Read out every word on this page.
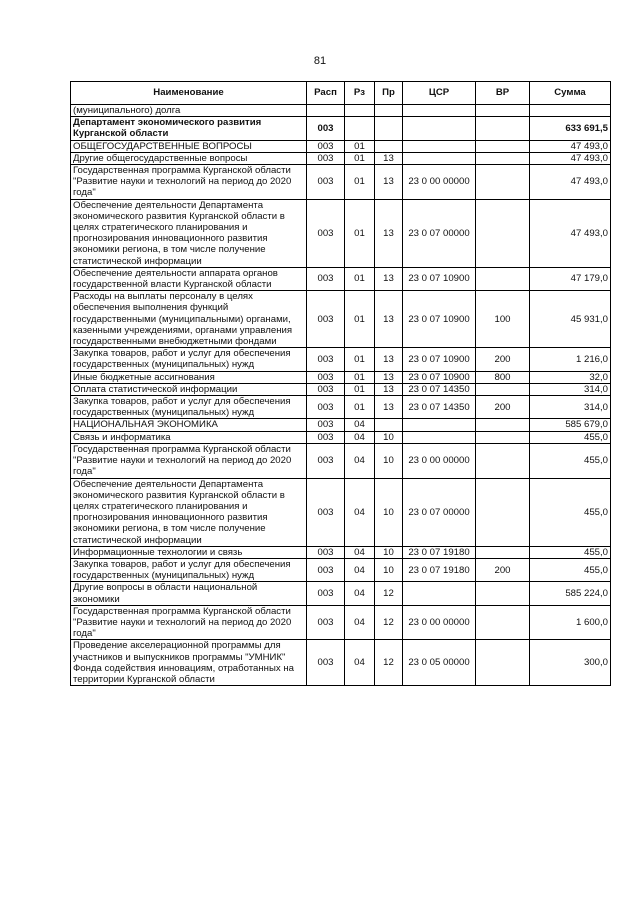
81
Наименование	Расп	Рз	Пр	ЦСР	ВР	Сумма
(муниципального) долга						
Департамент экономического развития Курганской области	003					633 691,5
ОБЩЕГОСУДАРСТВЕННЫЕ ВОПРОСЫ	003	01				47 493,0
Другие общегосударственные вопросы	003	01	13			47 493,0
Государственная программа Курганской области "Развитие науки и технологий на период до 2020 года"	003	01	13	23 0 00 00000		47 493,0
Обеспечение деятельности Департамента экономического развития Курганской области в целях стратегического планирования и прогнозирования инновационного развития экономики региона, в том числе получение статистической информации	003	01	13	23 0 07 00000		47 493,0
Обеспечение деятельности аппарата органов государственной власти Курганской области	003	01	13	23 0 07 10900		47 179,0
Расходы на выплаты персоналу в целях обеспечения выполнения функций государственными (муниципальными) органами, казенными учреждениями, органами управления государственными внебюджетными фондами	003	01	13	23 0 07 10900	100	45 931,0
Закупка товаров, работ и услуг для обеспечения государственных (муниципальных) нужд	003	01	13	23 0 07 10900	200	1 216,0
Иные бюджетные ассигнования	003	01	13	23 0 07 10900	800	32,0
Оплата статистической информации	003	01	13	23 0 07 14350		314,0
Закупка товаров, работ и услуг для обеспечения государственных (муниципальных) нужд	003	01	13	23 0 07 14350	200	314,0
НАЦИОНАЛЬНАЯ ЭКОНОМИКА	003	04				585 679,0
Связь и информатика	003	04	10			455,0
Государственная программа Курганской области "Развитие науки и технологий на период до 2020 года"	003	04	10	23 0 00 00000		455,0
Обеспечение деятельности Департамента экономического развития Курганской области в целях стратегического планирования и прогнозирования инновационного развития экономики региона, в том числе получение статистической информации	003	04	10	23 0 07 00000		455,0
Информационные технологии и связь	003	04	10	23 0 07 19180		455,0
Закупка товаров, работ и услуг для обеспечения государственных (муниципальных) нужд	003	04	10	23 0 07 19180	200	455,0
Другие вопросы в области национальной экономики	003	04	12			585 224,0
Государственная программа Курганской области "Развитие науки и технологий на период до 2020 года"	003	04	12	23 0 00 00000		1 600,0
Проведение акселерационной программы для участников и выпускников программы "УМНИК" Фонда содействия инновациям, отработанных на территории Курганской области	003	04	12	23 0 05 00000		300,0
